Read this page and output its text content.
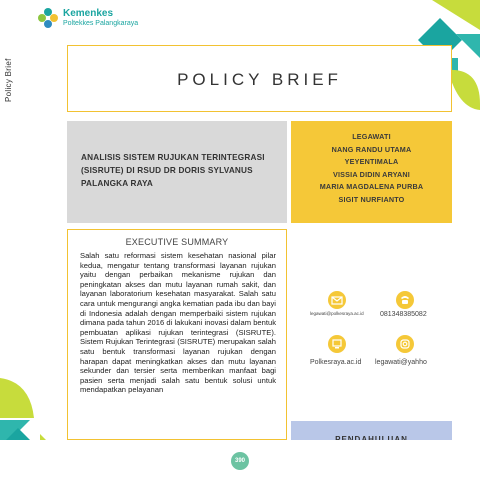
Kemenkes
Poltekkes Palangkaraya
Policy Brief	POLICY BRIEF
ANALISIS SISTEM RUJUKAN TERINTEGRASI (SISRUTE) DI RSUD DR DORIS SYLVANUS PALANGKA RAYA
LEGAWATI
NANG RANDU UTAMA
YEYENTIMALA
VISSIA DIDIN ARYANI
MARIA MAGDALENA PURBA
SIGIT NURFIANTO
EXECUTIVE SUMMARY

Salah satu reformasi sistem kesehatan nasional pilar kedua, mengatur tentang transformasi layanan rujukan yaitu dengan perbaikan mekanisme rujukan dan peningkatan akses dan mutu layanan rumah sakit, dan layanan laboratorium kesehatan masyarakat. Salah satu cara untuk mengurangi angka kematian pada ibu dan bayi di Indonesia adalah dengan memperbaiki sistem rujukan dimana pada tahun 2016 di lakukani inovasi dalam bentuk pembuatan aplikasi rujukan terintegrasi (SISRUTE). Sistem Rujukan Terintegrasi (SISRUTE) merupakan salah satu bentuk transformasi layanan rujukan dengan harapan dapat meningkatkan akses dan mutu layanan sekunder dan tersier serta memberikan manfaat bagi pasien serta menjadi salah satu bentuk solusi untuk mendapatkan pelayanan

legawati@polkesraya.ac.id 081348385082
Polkesraya.ac.id legawati@yahho
390
